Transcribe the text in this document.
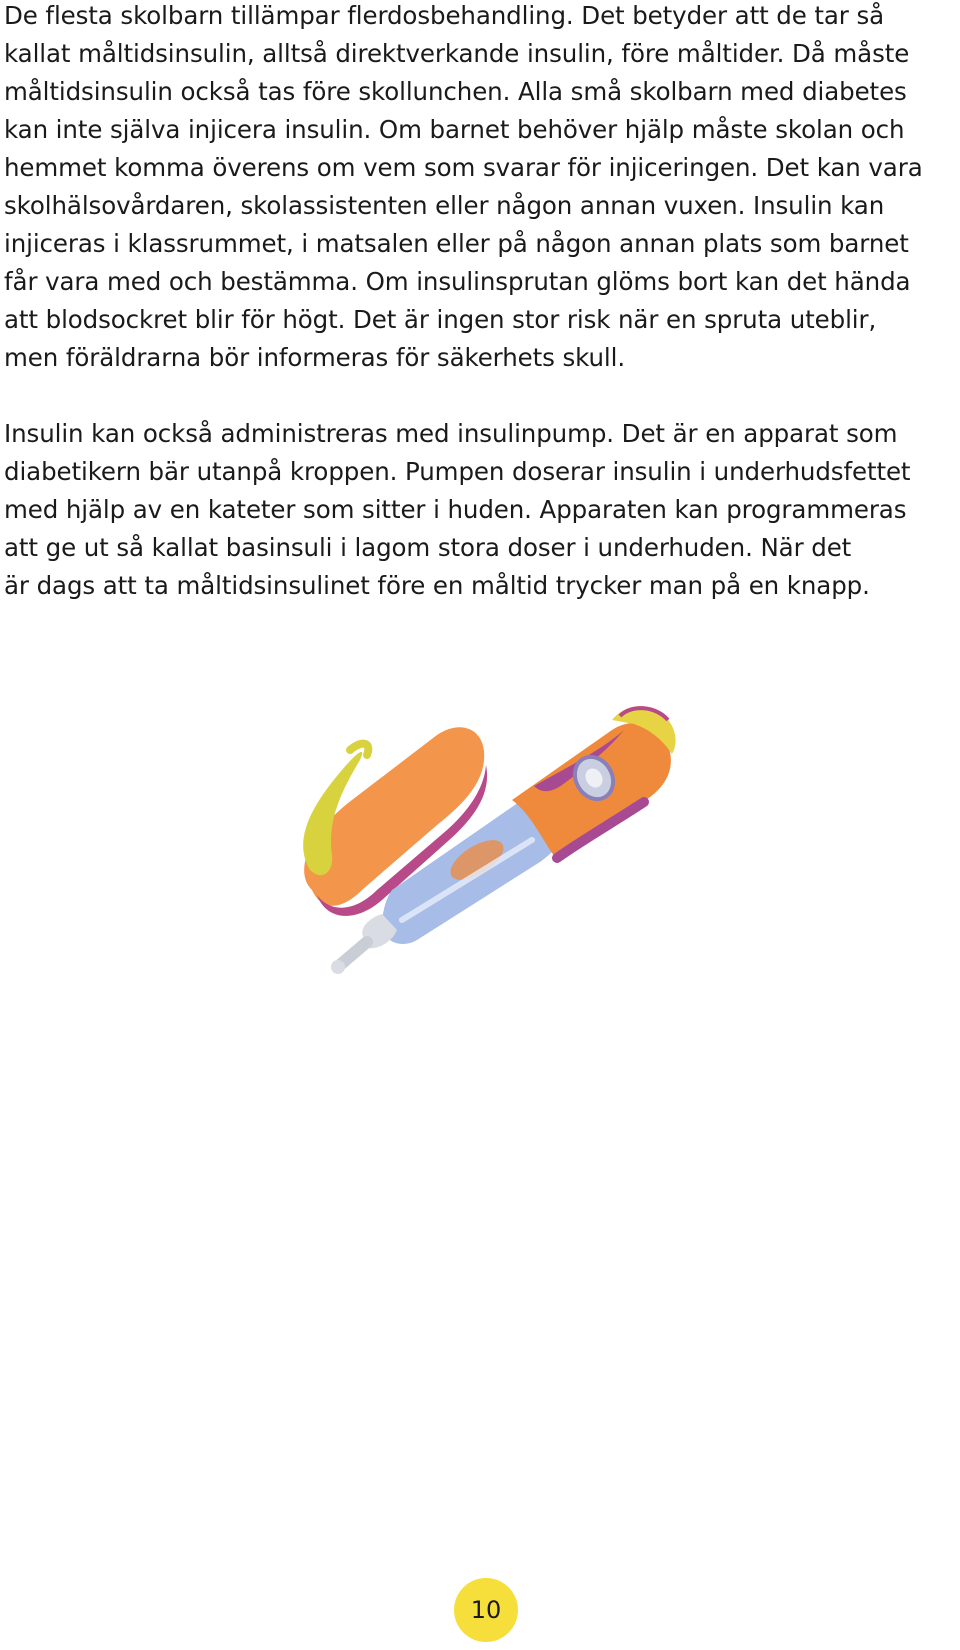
De flesta skolbarn tillämpar flerdosbehandling. Det betyder att de tar så
kallat måltidsinsulin, alltså direktverkande insulin, före måltider. Då måste
måltidsinsulin också tas före skollunchen. Alla små skolbarn med diabetes
kan inte själva injicera insulin. Om barnet behöver hjälp måste skolan och
hemmet komma överens om vem som svarar för injiceringen. Det kan vara
skolhälsovårdaren, skolassistenten eller någon annan vuxen. Insulin kan
injiceras i klassrummet, i matsalen eller på någon annan plats som barnet
får vara med och bestämma. Om insulinsprutan glöms bort kan det hända
att blodsockret blir för högt. Det är ingen stor risk när en spruta uteblir,
men föräldrarna bör informeras för säkerhets skull.
Insulin kan också administreras med insulinpump. Det är en apparat som
diabetikern bär utanpå kroppen. Pumpen doserar insulin i underhudsfettet
med hjälp av en kateter som sitter i huden. Apparaten kan programmeras
att ge ut så kallat basinsuli i lagom stora doser i underhuden. När det
är dags att ta måltidsinsulinet före en måltid trycker man på en knapp.
10
